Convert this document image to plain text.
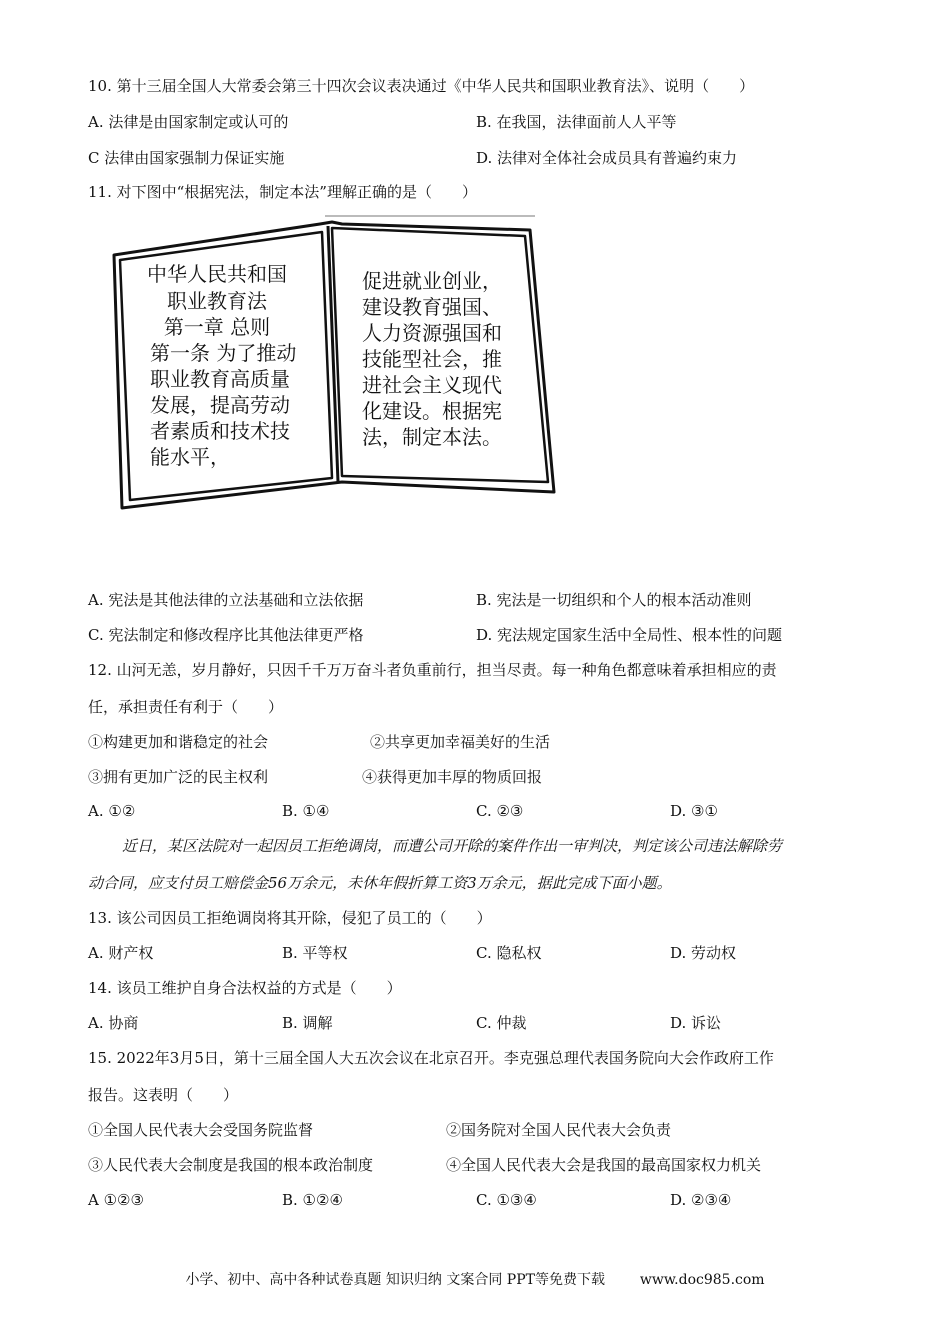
10. 第十三届全国人大常委会第三十四次会议表决通过《中华人民共和国职业教育法》、说明（　　）
A. 法律是由国家制定或认可的	B. 在我国，法律面前人人平等
C 法律由国家强制力保证实施	D. 法律对全体社会成员具有普遍约束力
11. 对下图中“根据宪法，制定本法”理解正确的是（　　）
中华人民共和国
职业教育法
第一章 总则
第一条 为了推动
职业教育高质量
发展，提高劳动
者素质和技术技
能水平，
促进就业创业，
建设教育强国、
人力资源强国和
技能型社会，推
进社会主义现代
化建设。根据宪
法，制定本法。
A. 宪法是其他法律的立法基础和立法依据	B. 宪法是一切组织和个人的根本活动准则
C. 宪法制定和修改程序比其他法律更严格	D. 宪法规定国家生活中全局性、根本性的问题
12. 山河无恙，岁月静好，只因千千万万奋斗者负重前行，担当尽责。每一种角色都意味着承担相应的责
任，承担责任有利于（　　）
①构建更加和谐稳定的社会	②共享更加幸福美好的生活
③拥有更加广泛的民主权利	④获得更加丰厚的物质回报
A. ①②	B. ①④	C. ②③	D. ③①
近日，某区法院对一起因员工拒绝调岗，而遭公司开除的案件作出一审判决，判定该公司违法解除劳
动合同，应支付员工赔偿金56万余元，未休年假折算工资3万余元，据此完成下面小题。
13. 该公司因员工拒绝调岗将其开除，侵犯了员工的（　　）
A. 财产权	B. 平等权	C. 隐私权	D. 劳动权
14. 该员工维护自身合法权益的方式是（　　）
A. 协商	B. 调解	C. 仲裁	D. 诉讼
15. 2022年3月5日，第十三届全国人大五次会议在北京召开。李克强总理代表国务院向大会作政府工作
报告。这表明（　　）
①全国人民代表大会受国务院监督	②国务院对全国人民代表大会负责
③人民代表大会制度是我国的根本政治制度	④全国人民代表大会是我国的最高国家权力机关
A ①②③	B. ①②④	C. ①③④	D. ②③④
小学、初中、高中各种试卷真题 知识归纳 文案合同 PPT等免费下载 www.doc985.com
